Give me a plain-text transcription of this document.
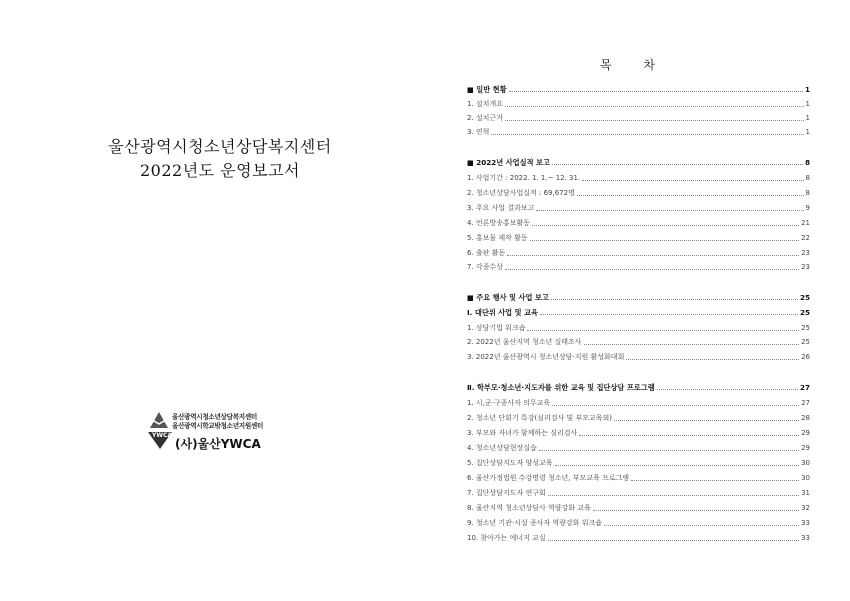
울산광역시청소년상담복지센터
2022년도 운영보고서
울산광역시청소년상담복지센터
울산광역시학교밖청소년지원센터
YWCA
(사)울산YWCA
목 차
■ 일반 현황	1
1. 설치개요	1
2. 설치근거	1
3. 연혁	1
■ 2022년 사업실적 보고	8
1. 사업기간 : 2022. 1. 1.~ 12. 31.	8
2. 청소년상담사업실적 : 69,672명	8
3. 주요 사업 결과보고	9
4. 언론방송홍보활동	21
5. 홍보물 제작 활동	22
6. 출판 활동	23
7. 각종수상	23
■ 주요 행사 및 사업 보고	25
Ⅰ. 대단위 사업 및 교육	25
1. 상담기법 워크숍	25
2. 2022년 울산지역 청소년 실태조사	25
3. 2022년 울산광역시 청소년상담·지원 활성화대회	26
Ⅱ. 학부모·청소년·지도자를 위한 교육 및 집단상담 프로그램	27
1. 시,군·구종사자 의무교육	27
2. 청소년 단회기 특강(심리검사 및 부모교육외)	28
3. 부모와 자녀가 함께하는 심리검사	29
4. 청소년상담현장실습	29
5. 집단상담지도자 양성교육	30
6. 울산가정법원 수강명령 청소년, 부모교육 프로그램	30
7. 집단상담지도자 연구회	31
8. 울산지역 청소년상담사 역량강화 교육	32
9. 청소년 기관·시설 종사자 역량강화 워크숍	33
10. 찾아가는 에너지 교실	33
